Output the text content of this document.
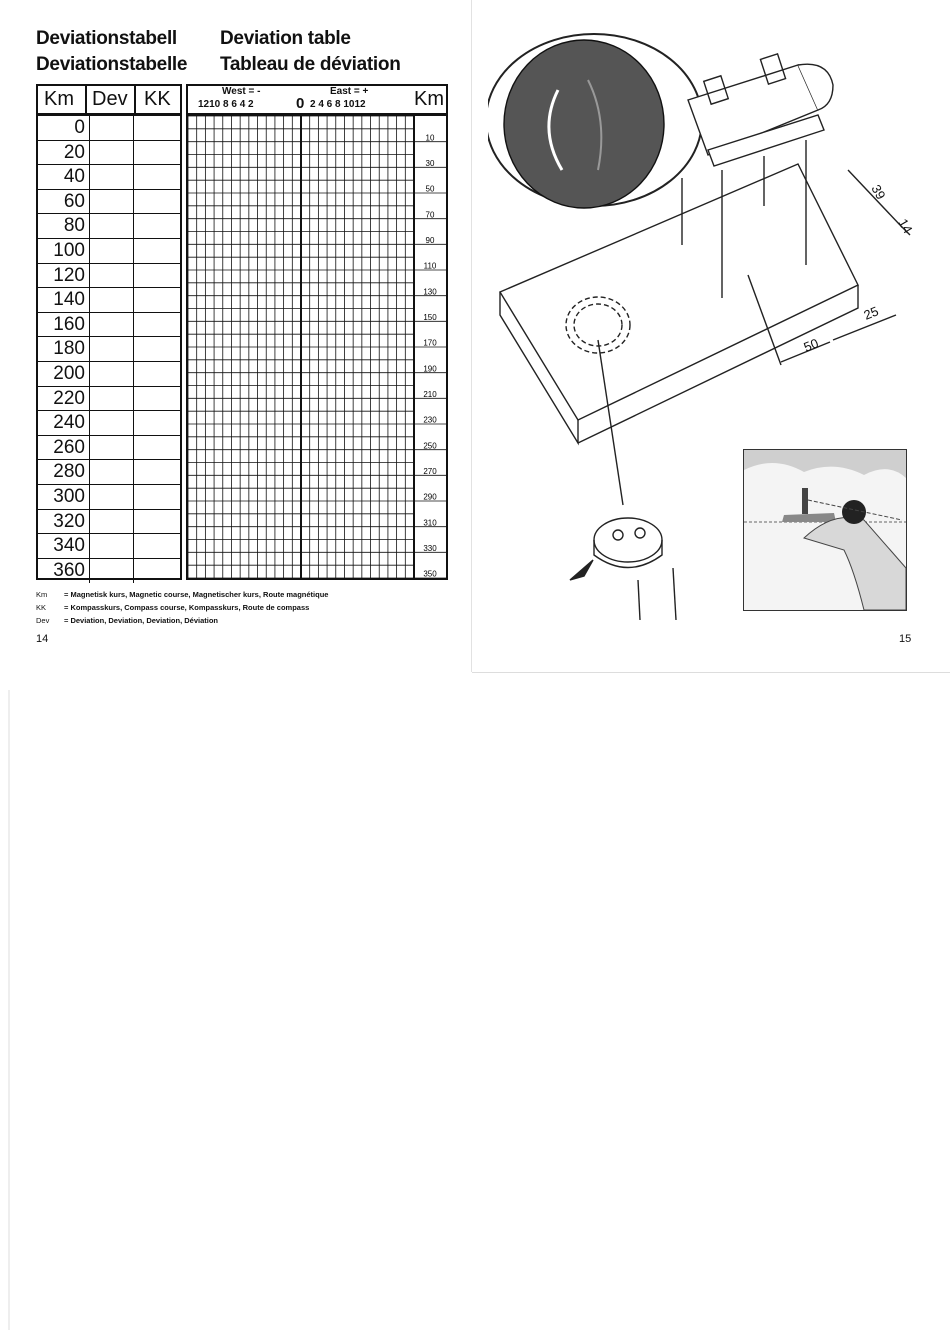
Deviationstabell Deviation table
Deviationstabelle Tableau de déviation
Km Dev KK
0
20
40
60
80
100
120
140
160
180
200
220
240
260
280
300
320
340
360
West = -	East = +
1210 8 6 4 2	0 2 4 6 8 1012 Km
10
30
50
70
90
110
130
150
170
190
210
230
250
270
290
310
330
350
Km = Magnetisk kurs, Magnetic course, Magnetischer kurs, Route magnétique
KK = Kompasskurs, Compass course, Kompasskurs, Route de compass
Dev = Deviation, Deviation, Deviation, Déviation
14	15
39
14
25
50
